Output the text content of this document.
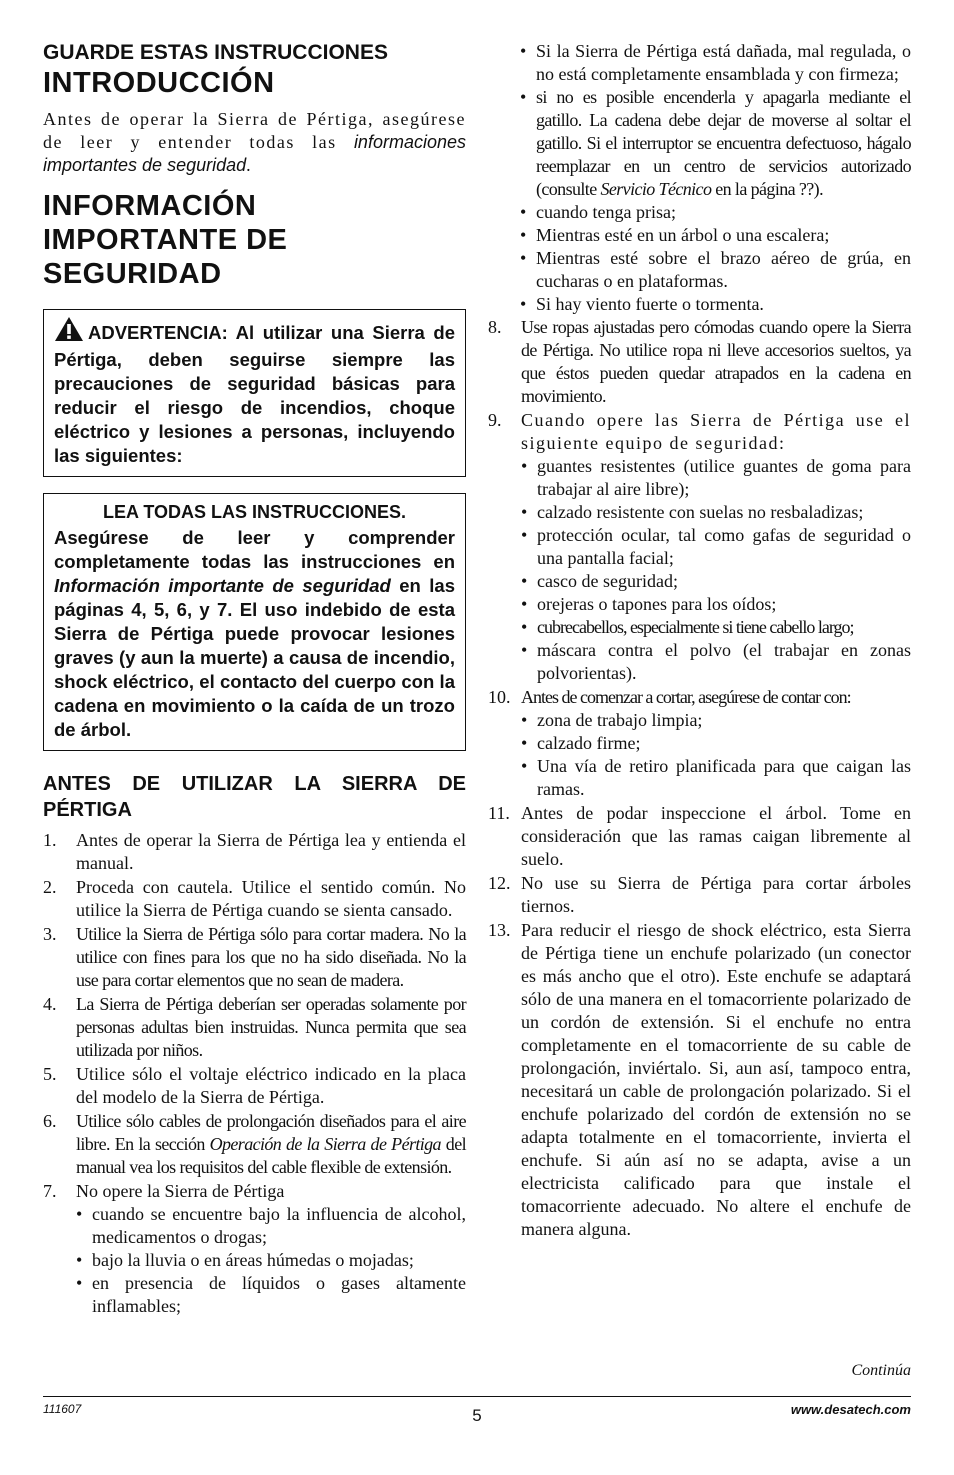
GUARDE ESTAS INSTRUCCIONES

INTRODUCCIÓN

Antes de operar la Sierra de Pértiga, asegúrese de leer y entender todas las informaciones importantes de seguridad.

INFORMACIÓN

IMPORTANTE DE

SEGURIDAD

ADVERTENCIA: Al utilizar una Sierra de Pértiga, deben seguirse siempre las precauciones de seguridad básicas para reducir el riesgo de incendios, choque eléctrico y lesiones a personas, incluyendo las siguientes:

LEA TODAS LAS INSTRUCCIONES.

Asegúrese de leer y comprender completamente todas las instrucciones en Información importante de seguridad en las páginas 4, 5, 6, y 7. El uso indebido de esta Sierra de Pértiga puede provocar lesiones graves (y aun la muerte) a causa de incendio, shock eléctrico, el contacto del cuerpo con la cadena en movimiento o la caída de un trozo de árbol.

ANTES DE UTILIZAR LA SIERRA DE PÉRTIGA

1. Antes de operar la Sierra de Pértiga lea y entienda el manual.
2. Proceda con cautela. Utilice el sentido común. No utilice la Sierra de Pértiga cuando se sienta cansado.
3. Utilice la Sierra de Pértiga sólo para cortar madera. No la utilice con fines para los que no ha sido diseñada. No la use para cortar elementos que no sean de madera.
4. La Sierra de Pértiga deberían ser operadas solamente por personas adultas bien instruidas. Nunca permita que sea utilizada por niños.
5. Utilice sólo el voltaje eléctrico indicado en la placa del modelo de la Sierra de Pértiga.
6. Utilice sólo cables de prolongación diseñados para el aire libre. En la sección Operación de la Sierra de Pértiga del manual vea los requisitos del cable flexible de extensión.
7. No opere la Sierra de Pértiga
• cuando se encuentre bajo la influencia de alcohol, medicamentos o drogas;
• bajo la lluvia o en áreas húmedas o mojadas;
• en presencia de líquidos o gases altamente inflamables;
• Si la Sierra de Pértiga está dañada, mal regulada, o no está completamente ensamblada y con firmeza;
• si no es posible encenderla y apagarla mediante el gatillo. La cadena debe dejar de moverse al soltar el gatillo. Si el interruptor se encuentra defectuoso, hágalo reemplazar en un centro de servicios autorizado (consulte Servicio Técnico en la página ??).
• cuando tenga prisa;
• Mientras esté en un árbol o una escalera;
• Mientras esté sobre el brazo aéreo de grúa, en cucharas o en plataformas.
• Si hay viento fuerte o tormenta.
8. Use ropas ajustadas pero cómodas cuando opere la Sierra de Pértiga. No utilice ropa ni lleve accesorios sueltos, ya que éstos pueden quedar atrapados en la cadena en movimiento.
9. Cuando opere las Sierra de Pértiga use el siguiente equipo de seguridad:
• guantes resistentes (utilice guantes de goma para trabajar al aire libre);
• calzado resistente con suelas no resbaladizas;
• protección ocular, tal como gafas de seguridad o una pantalla facial;
• casco de seguridad;
• orejeras o tapones para los oídos;
• cubrecabellos, especialmente si tiene cabello largo;
• máscara contra el polvo (el trabajar en zonas polvorientas).
10. Antes de comenzar a cortar, asegúrese de contar con:
• zona de trabajo limpia;
• calzado firme;
• Una vía de retiro planificada para que caigan las ramas.
11. Antes de podar inspeccione el árbol. Tome en consideración que las ramas caigan libremente al suelo.
12. No use su Sierra de Pértiga para cortar árboles tiernos.
13. Para reducir el riesgo de shock eléctrico, esta Sierra de Pértiga tiene un enchufe polarizado (un conector es más ancho que el otro). Este enchufe se adaptará sólo de una manera en el tomacorriente polarizado de un cordón de extensión. Si el enchufe no entra completamente en el tomacorriente de su cable de prolongación, inviértalo. Si, aun así, tampoco entra, necesitará un cable de prolongación polarizado. Si el enchufe polarizado del cordón de extensión no se adapta totalmente en el tomacorriente, invierta el enchufe. Si aún así no se adapta, avise a un electricista calificado para que instale el tomacorriente adecuado. No altere el enchufe de manera alguna.
Continúa
111607	5	www.desatech.com
